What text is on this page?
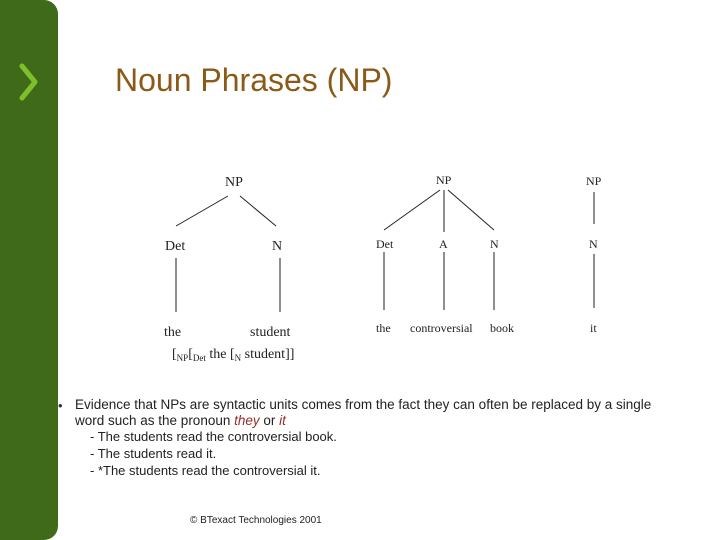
Noun Phrases (NP)
NP
Det	N
the	student
[$_{NP}[_{Det}$ the [$_N$ student]]
NP
Det	A	N
the controversial book
NP
N
it
• Evidence that NPs are syntactic units comes from the fact they can often be replaced by a single word such as the pronoun they or it
- The students read the controversial book.
- The students read it.
- *The students read the controversial it.
© BTexact Technologies 2001
